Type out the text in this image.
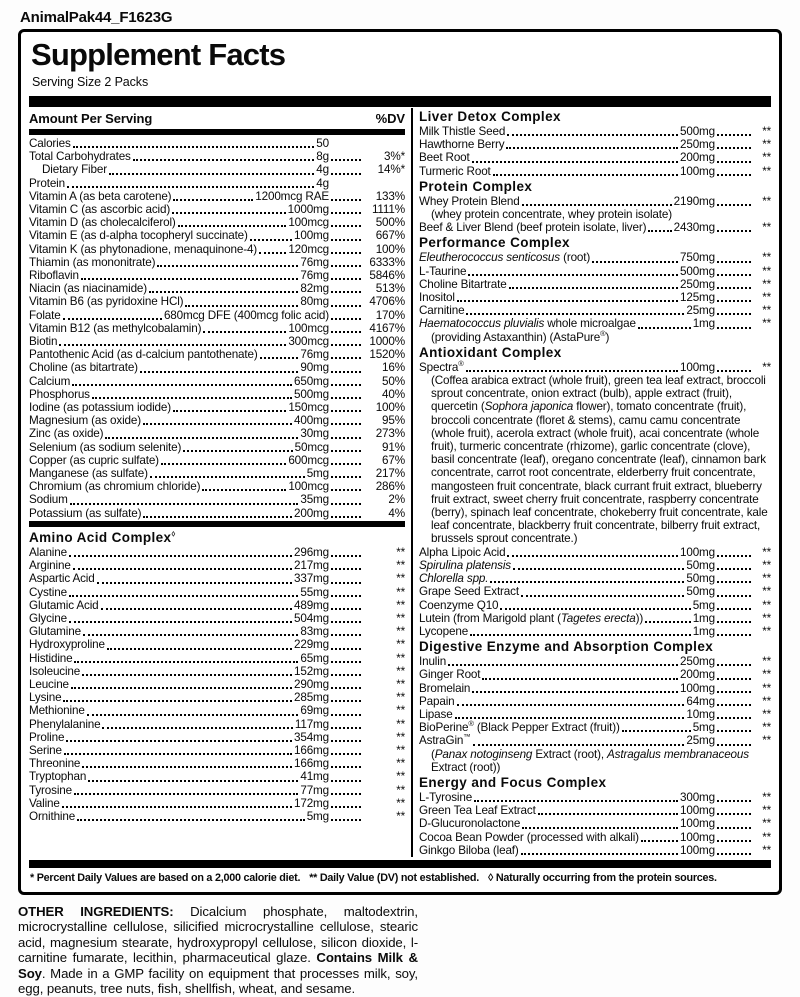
AnimalPak44_F1623G
Supplement Facts
Serving Size 2 Packs
Amount Per Serving	%DV
Calories	50
Total Carbohydrates	8g	3%*
Dietary Fiber	4g	14%*
Protein	4g
Vitamin A (as beta carotene)	1200mcg RAE	133%
Vitamin C (as ascorbic acid)	1000mg	1111%
Vitamin D (as cholecalciferol)	100mcg	500%
Vitamin E (as d-alpha tocopheryl succinate)	100mg	667%
Vitamin K (as phytonadione, menaquinone-4)	120mcg	100%
Thiamin (as mononitrate)	76mg	6333%
Riboflavin	76mg	5846%
Niacin (as niacinamide)	82mg	513%
Vitamin B6 (as pyridoxine HCl)	80mg	4706%
Folate	680mcg DFE (400mcg folic acid)	170%
Vitamin B12 (as methylcobalamin)	100mcg	4167%
Biotin	300mcg	1000%
Pantothenic Acid (as d-calcium pantothenate)	76mg	1520%
Choline (as bitartrate)	90mg	16%
Calcium	650mg	50%
Phosphorus	500mg	40%
Iodine (as potassium iodide)	150mcg	100%
Magnesium (as oxide)	400mg	95%
Zinc (as oxide)	30mg	273%
Selenium (as sodium selenite)	50mcg	91%
Copper (as cupric sulfate)	600mcg	67%
Manganese (as sulfate)	5mg	217%
Chromium (as chromium chloride)	100mcg	286%
Sodium	35mg	2%
Potassium (as sulfate)	200mg	4%
Amino Acid Complex◊
Alanine	296mg	**
Arginine	217mg	**
Aspartic Acid	337mg	**
Cystine	55mg	**
Glutamic Acid	489mg	**
Glycine	504mg	**
Glutamine	83mg	**
Hydroxyproline	229mg	**
Histidine	65mg	**
Isoleucine	152mg	**
Leucine	290mg	**
Lysine	285mg	**
Methionine	69mg	**
Phenylalanine	117mg	**
Proline	354mg	**
Serine	166mg	**
Threonine	166mg	**
Tryptophan	41mg	**
Tyrosine	77mg	**
Valine	172mg	**
Ornithine	5mg	**
Liver Detox Complex
Milk Thistle Seed	500mg	**
Hawthorne Berry	250mg	**
Beet Root	200mg	**
Turmeric Root	100mg	**
Protein Complex
Whey Protein Blend	2190mg	**
(whey protein concentrate, whey protein isolate)
Beef & Liver Blend (beef protein isolate, liver) 2430mg	**
Performance Complex
Eleutherococcus senticosus (root)	750mg	**
L-Taurine	500mg	**
Choline Bitartrate	250mg	**
Inositol	125mg	**
Carnitine	25mg	**
Haematococcus pluvialis whole microalgae	1mg	**
(providing Astaxanthin) (AstaPure®)
Antioxidant Complex
Spectra®	100mg	**
(Coffea arabica extract (whole fruit), green tea leaf extract, broccoli sprout concentrate, onion extract (bulb), apple extract (fruit), quercetin (Sophora japonica flower), tomato concentrate (fruit), broccoli concentrate (floret & stems), camu camu concentrate (whole fruit), acerola extract (whole fruit), acai concentrate (whole fruit), turmeric concentrate (rhizome), garlic concentrate (clove), basil concentrate (leaf), oregano concentrate (leaf), cinnamon bark concentrate, carrot root concentrate, elderberry fruit concentrate, mangosteen fruit concentrate, black currant fruit extract, blueberry fruit extract, sweet cherry fruit concentrate, raspberry concentrate (berry), spinach leaf concentrate, chokeberry fruit concentrate, kale leaf concentrate, blackberry fruit concentrate, bilberry fruit extract, brussels sprout concentrate.)
Alpha Lipoic Acid	100mg	**
Spirulina platensis	50mg	**
Chlorella spp.	50mg	**
Grape Seed Extract	50mg	**
Coenzyme Q10	5mg	**
Lutein (from Marigold plant (Tagetes erecta))	1mg	**
Lycopene	1mg	**
Digestive Enzyme and Absorption Complex
Inulin	250mg	**
Ginger Root	200mg	**
Bromelain	100mg	**
Papain	64mg	**
Lipase	10mg	**
BioPerine® (Black Pepper Extract (fruit))	5mg	**
AstraGin™	25mg	**
(Panax notoginseng Extract (root), Astragalus membranaceous Extract (root))
Energy and Focus Complex
L-Tyrosine	300mg	**
Green Tea Leaf Extract	100mg	**
D-Glucuronolactone	100mg	**
Cocoa Bean Powder (processed with alkali)	100mg	**
Ginkgo Biloba (leaf)	100mg	**
* Percent Daily Values are based on a 2,000 calorie diet. ** Daily Value (DV) not established. ◊ Naturally occurring from the protein sources.
OTHER INGREDIENTS: Dicalcium phosphate, maltodextrin, microcrystalline cellulose, silicified microcrystalline cellulose, stearic acid, magnesium stearate, hydroxypropyl cellulose, silicon dioxide, l-carnitine fumarate, lecithin, pharmaceutical glaze. Contains Milk & Soy. Made in a GMP facility on equipment that processes milk, soy, egg, peanuts, tree nuts, fish, shellfish, wheat, and sesame.
